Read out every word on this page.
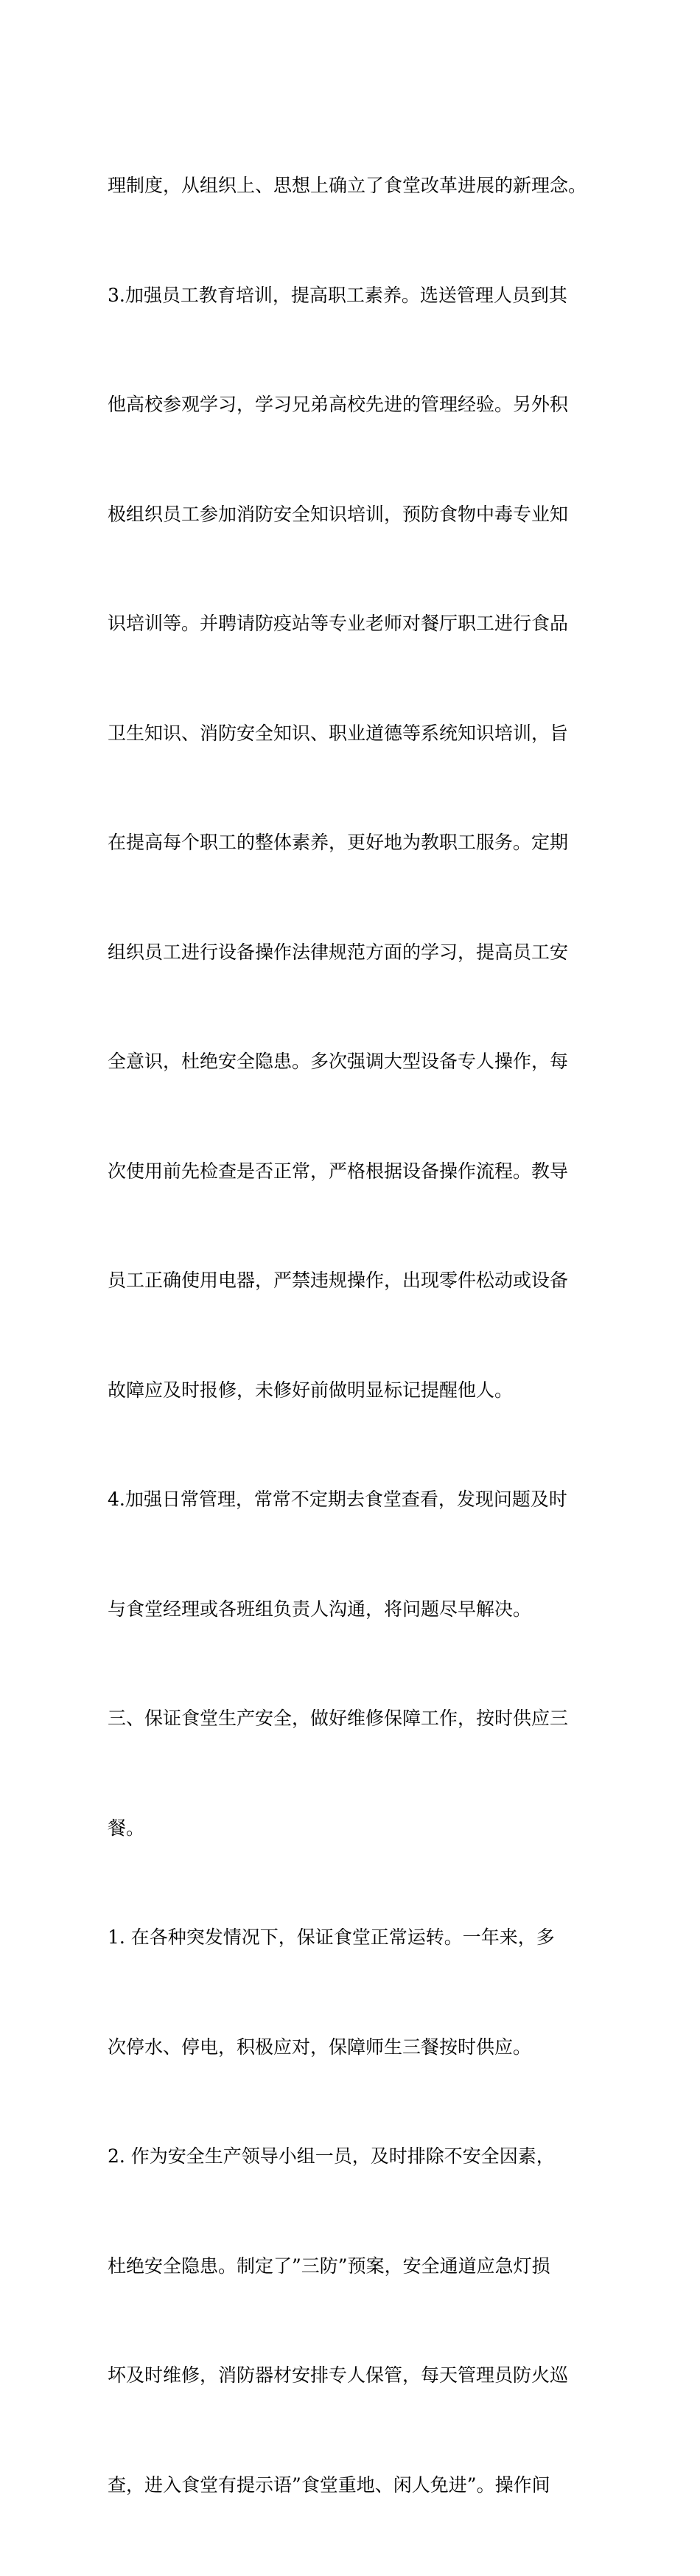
理制度，从组织上、思想上确立了食堂改革进展的新理念。

3.加强员工教育培训，提高职工素养。选送管理人员到其

他高校参观学习，学习兄弟高校先进的管理经验。另外积

极组织员工参加消防安全知识培训，预防食物中毒专业知

识培训等。并聘请防疫站等专业老师对餐厅职工进行食品

卫生知识、消防安全知识、职业道德等系统知识培训，旨

在提高每个职工的整体素养，更好地为教职工服务。定期

组织员工进行设备操作法律规范方面的学习，提高员工安

全意识，杜绝安全隐患。多次强调大型设备专人操作，每

次使用前先检查是否正常，严格根据设备操作流程。教导

员工正确使用电器，严禁违规操作，出现零件松动或设备

故障应及时报修，未修好前做明显标记提醒他人。

4.加强日常管理，常常不定期去食堂查看，发现问题及时

与食堂经理或各班组负责人沟通，将问题尽早解决。

三、保证食堂生产安全，做好维修保障工作，按时供应三

餐。

1. 在各种突发情况下，保证食堂正常运转。一年来，多

次停水、停电，积极应对，保障师生三餐按时供应。

2. 作为安全生产领导小组一员，及时排除不安全因素，

杜绝安全隐患。制定了”三防”预案，安全通道应急灯损

坏及时维修，消防器材安排专人保管，每天管理员防火巡

查，进入食堂有提示语”食堂重地、闲人免进”。操作间
